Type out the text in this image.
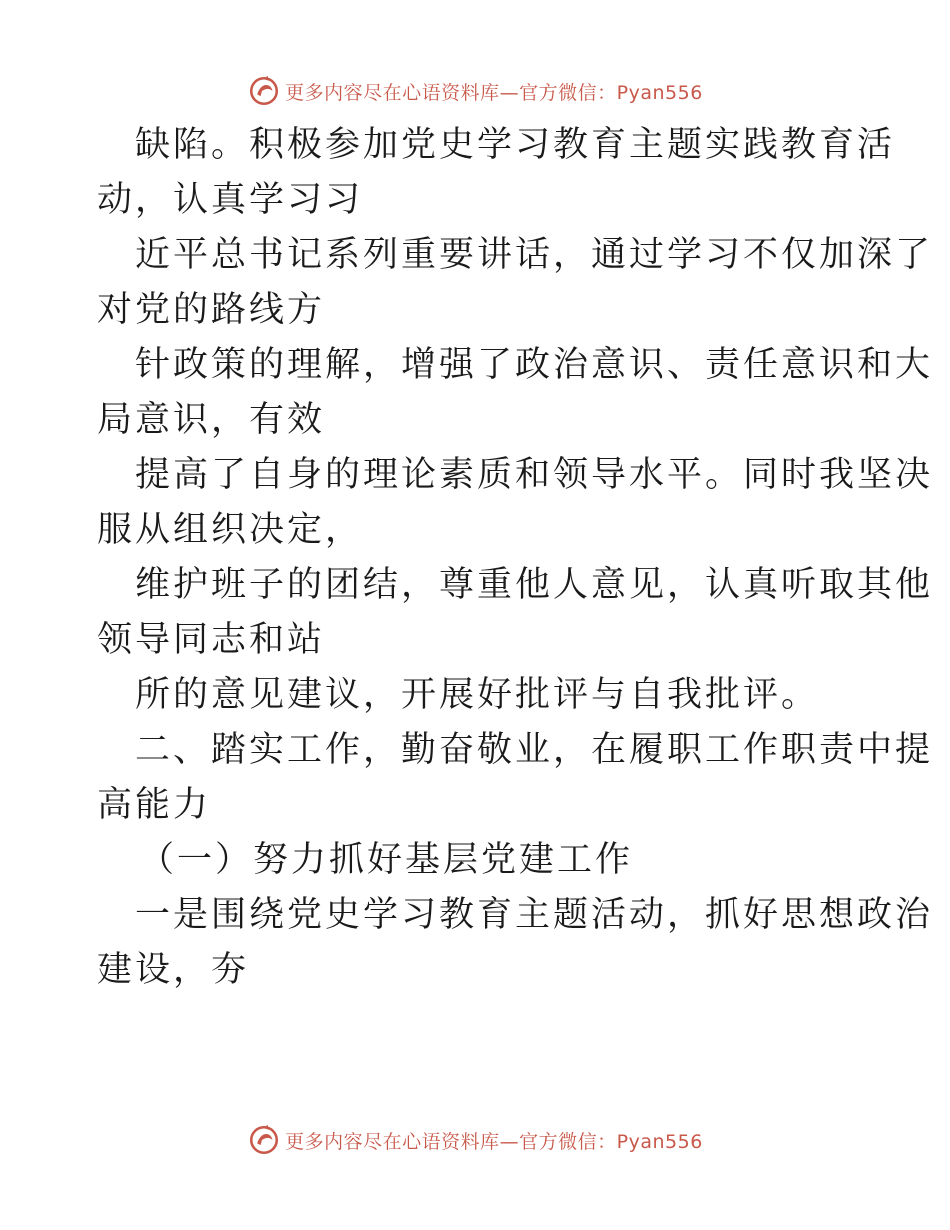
更多内容尽在心语资料库—官方微信：Pyan556
缺陷。积极参加党史学习教育主题实践教育活
动，认真学习习
近平总书记系列重要讲话，通过学习不仅加深了
对党的路线方
针政策的理解，增强了政治意识、责任意识和大
局意识，有效
提高了自身的理论素质和领导水平。同时我坚决
服从组织决定，
维护班子的团结，尊重他人意见，认真听取其他
领导同志和站
所的意见建议，开展好批评与自我批评。
二、踏实工作，勤奋敬业，在履职工作职责中提
高能力
（一）努力抓好基层党建工作
一是围绕党史学习教育主题活动，抓好思想政治
建设，夯
更多内容尽在心语资料库—官方微信：Pyan556
